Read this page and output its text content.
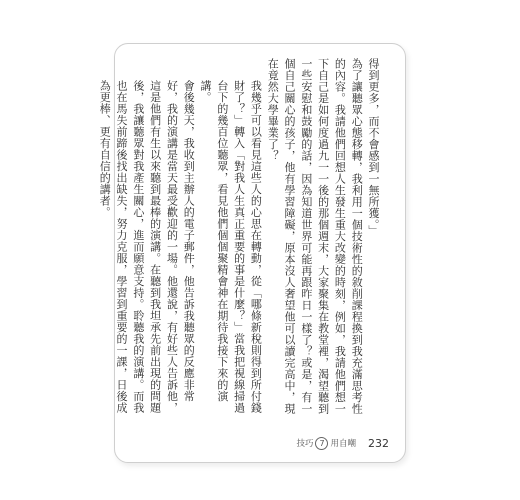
得到更多，而不會感到一無所獲。」

為了讓聽眾心態移轉，我利用一個技術性的敘削課程換到我充滿思考性的內容。我請他們回想人生發生重大改變的時刻，例如，我請他們想一下自己是如何度過九一一後的那個週末，大家聚集在教堂裡，渴望聽到一些安慰和鼓勵的話，因為知道世界可能再跟昨日一樣了？或是，有一個自己關心的孩子，他有學習障礙，原本沒人奢望他可以讀完高中，現在竟然大學畢業了？

我幾乎可以看見這些人的心思在轉動，從「哪條新稅則得到所付錢財了？」轉入「對我人生真正重要的事是什麼？」當我把視線掃過台下的幾百位聽眾，看見他們個個聚精會神在期待我接下來的演講。

會後幾天，我收到主辦人的電子郵件，他告訴我聽眾的反應非常好，我的演講是當天最受歡迎的一場。他還說，有好些人告訴他，這是他們有生以來聽到最棒的演講。在聽到我坦承先前出現的問題後，我讓聽眾對我產生關心，進而願意支持。聆聽我的演講。而我也在馬失前蹄後找出缺失，努力克服，學習到重要的一課，日後成為更棒、更有自信的講者。

技巧 7 用自嘲 232
